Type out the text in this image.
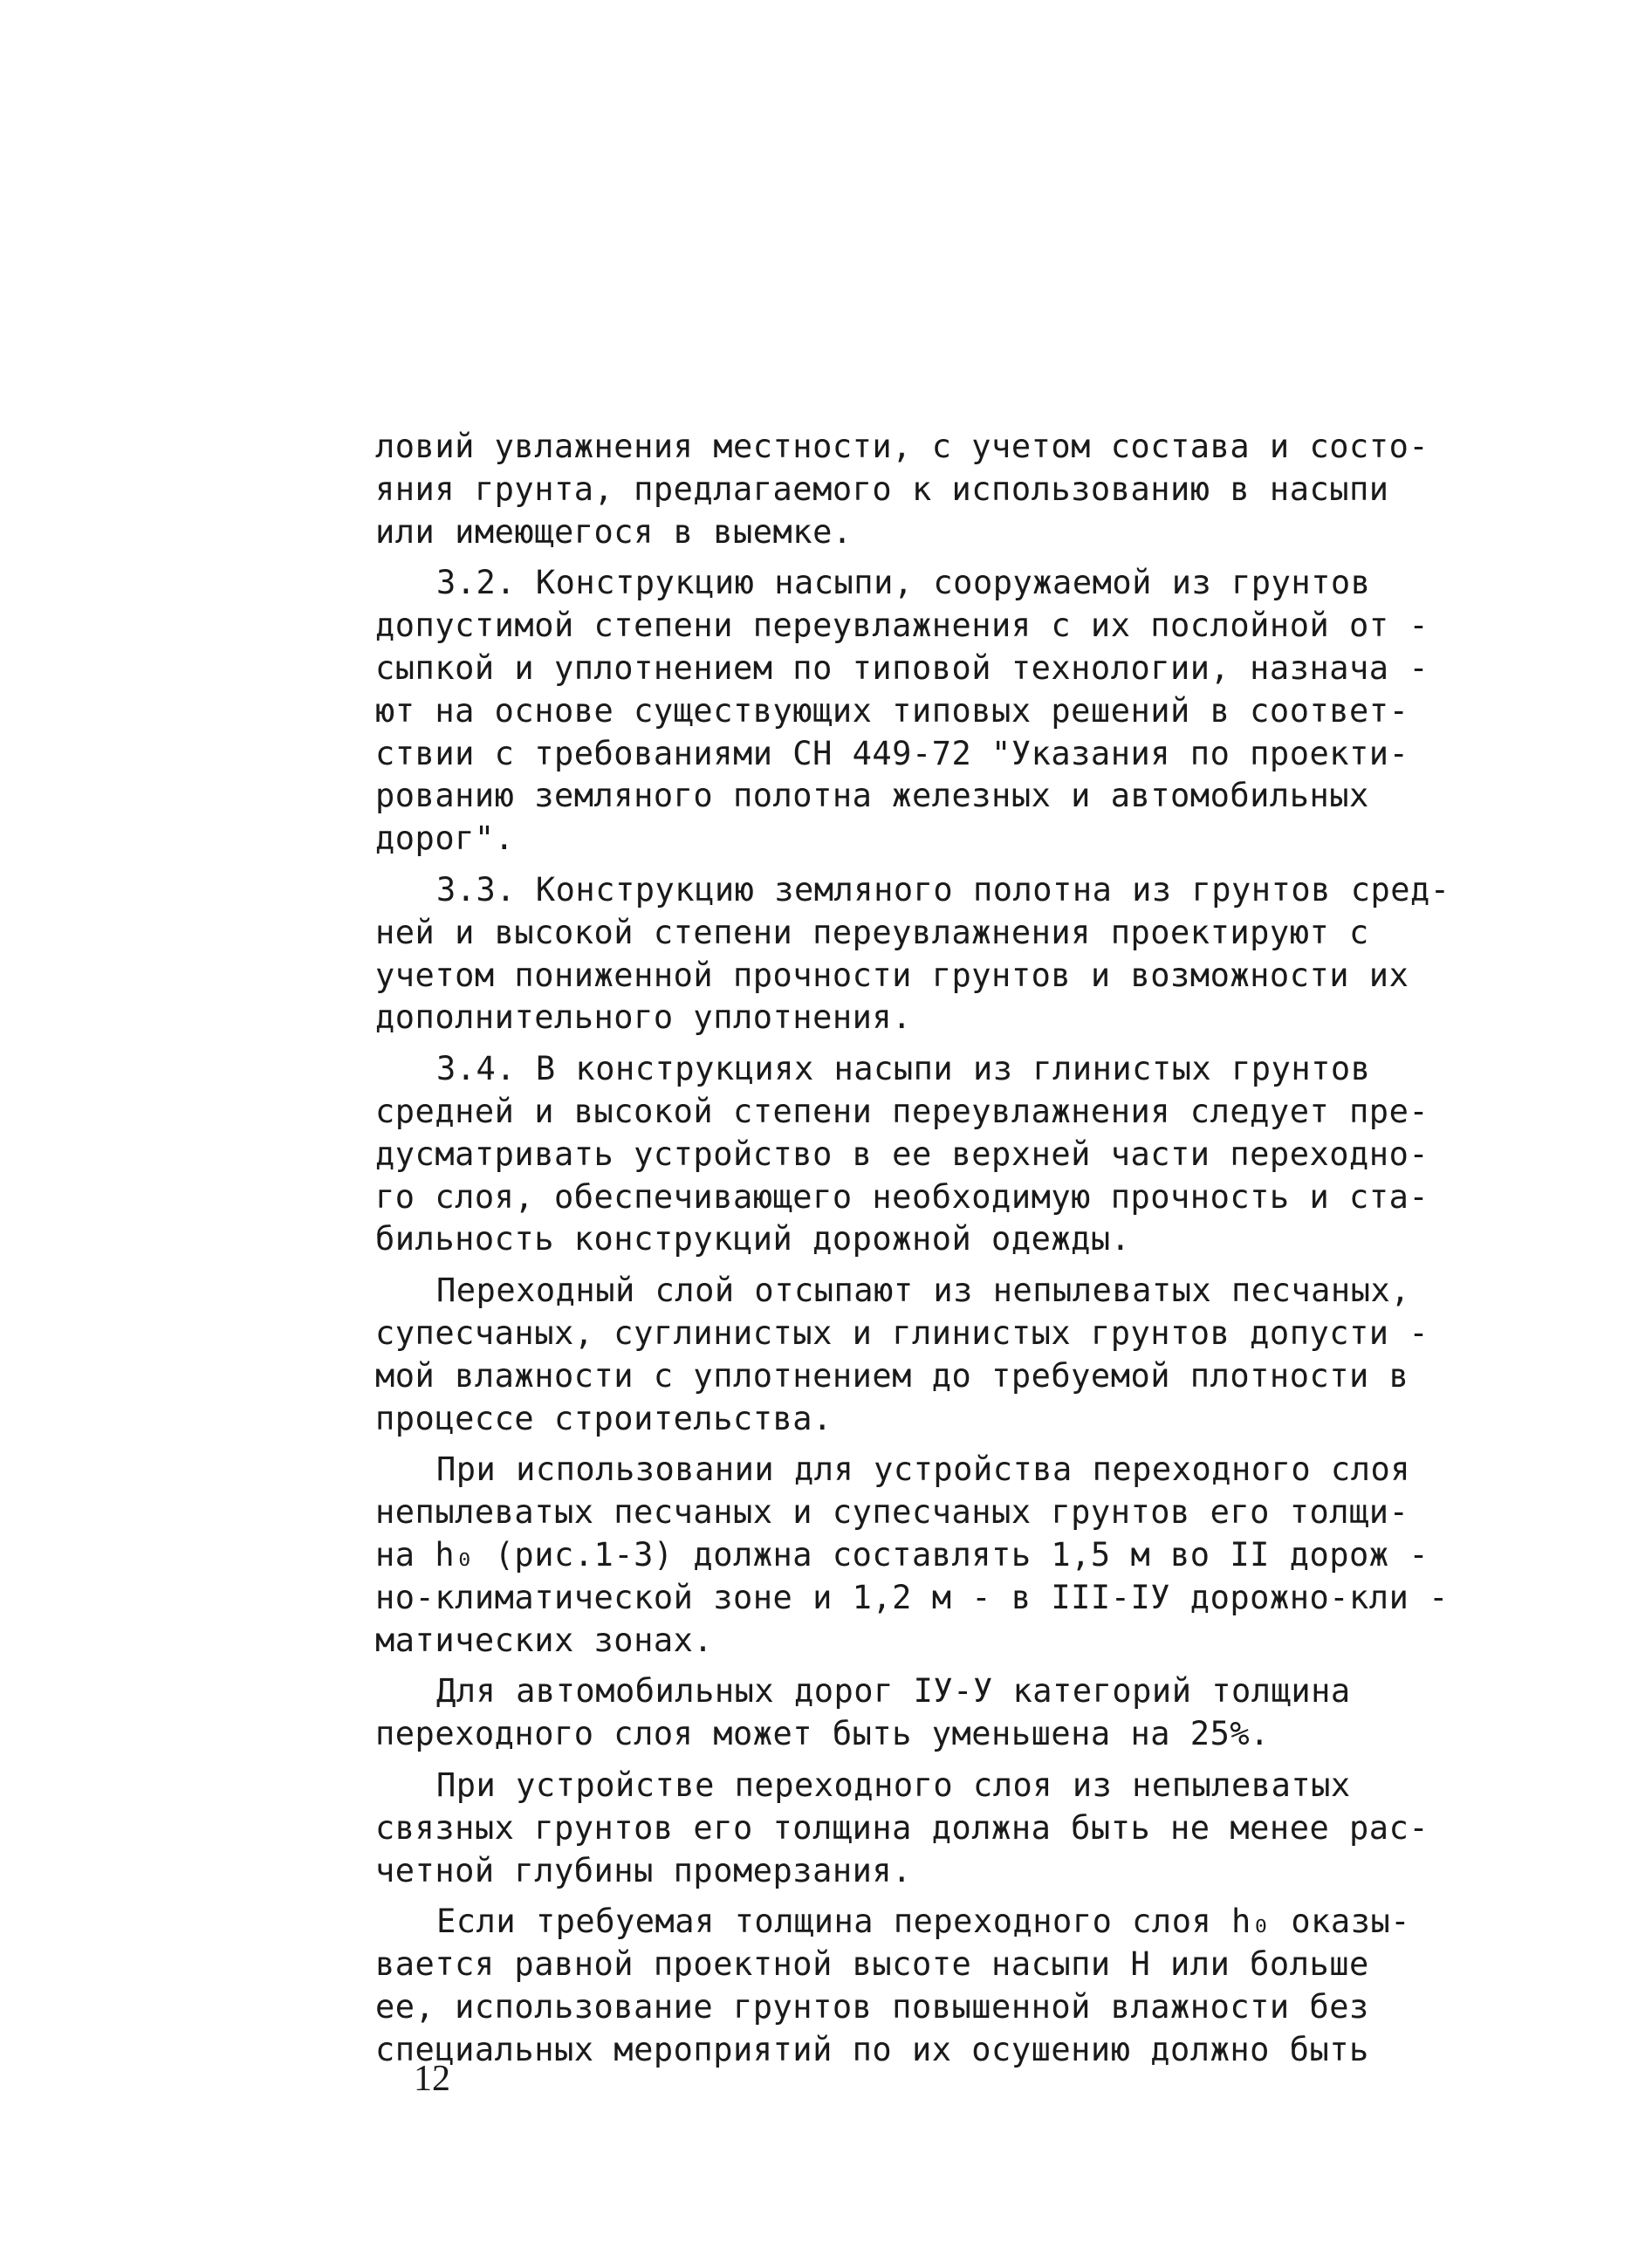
ловий увлажнения местности, с учетом состава и состо-
яния грунта, предлагаемого к использованию в насыпи
или имеющегося в выемке.
3.2. Конструкцию насыпи, сооружаемой из грунтов
допустимой степени переувлажнения с их послойной от -
сыпкой и уплотнением по типовой технологии, назнача -
ют на основе существующих типовых решений в соответ-
ствии с требованиями СН 449-72 "Указания по проекти-
рованию земляного полотна железных и автомобильных
дорог".
3.3. Конструкцию земляного полотна из грунтов сред-
ней и высокой степени переувлажнения проектируют с
учетом пониженной прочности грунтов и возможности их
дополнительного уплотнения.
3.4. В конструкциях насыпи из глинистых грунтов
средней и высокой степени переувлажнения следует пре-
дусматривать устройство в ее верхней части переходно-
го слоя, обеспечивающего необходимую прочность и ста-
бильность конструкций дорожной одежды.
Переходный слой отсыпают из непылеватых песчаных,
супесчаных, суглинистых и глинистых грунтов допусти -
мой влажности с уплотнением до требуемой плотности в
процессе строительства.
При использовании для устройства переходного слоя
непылеватых песчаных и супесчаных грунтов его толщи-
на h₀ (рис.1-3) должна составлять 1,5 м во II дорож -
но-климатической зоне и 1,2 м - в III-IУ дорожно-кли -
матических зонах.
Для автомобильных дорог IУ-У категорий толщина
переходного слоя может быть уменьшена на 25%.
При устройстве переходного слоя из непылеватых
связных грунтов его толщина должна быть не менее рас-
четной глубины промерзания.
Если требуемая толщина переходного слоя h₀ оказы-
вается равной проектной высоте насыпи H или больше
ее, использование грунтов повышенной влажности без
специальных мероприятий по их осушению должно быть
12
